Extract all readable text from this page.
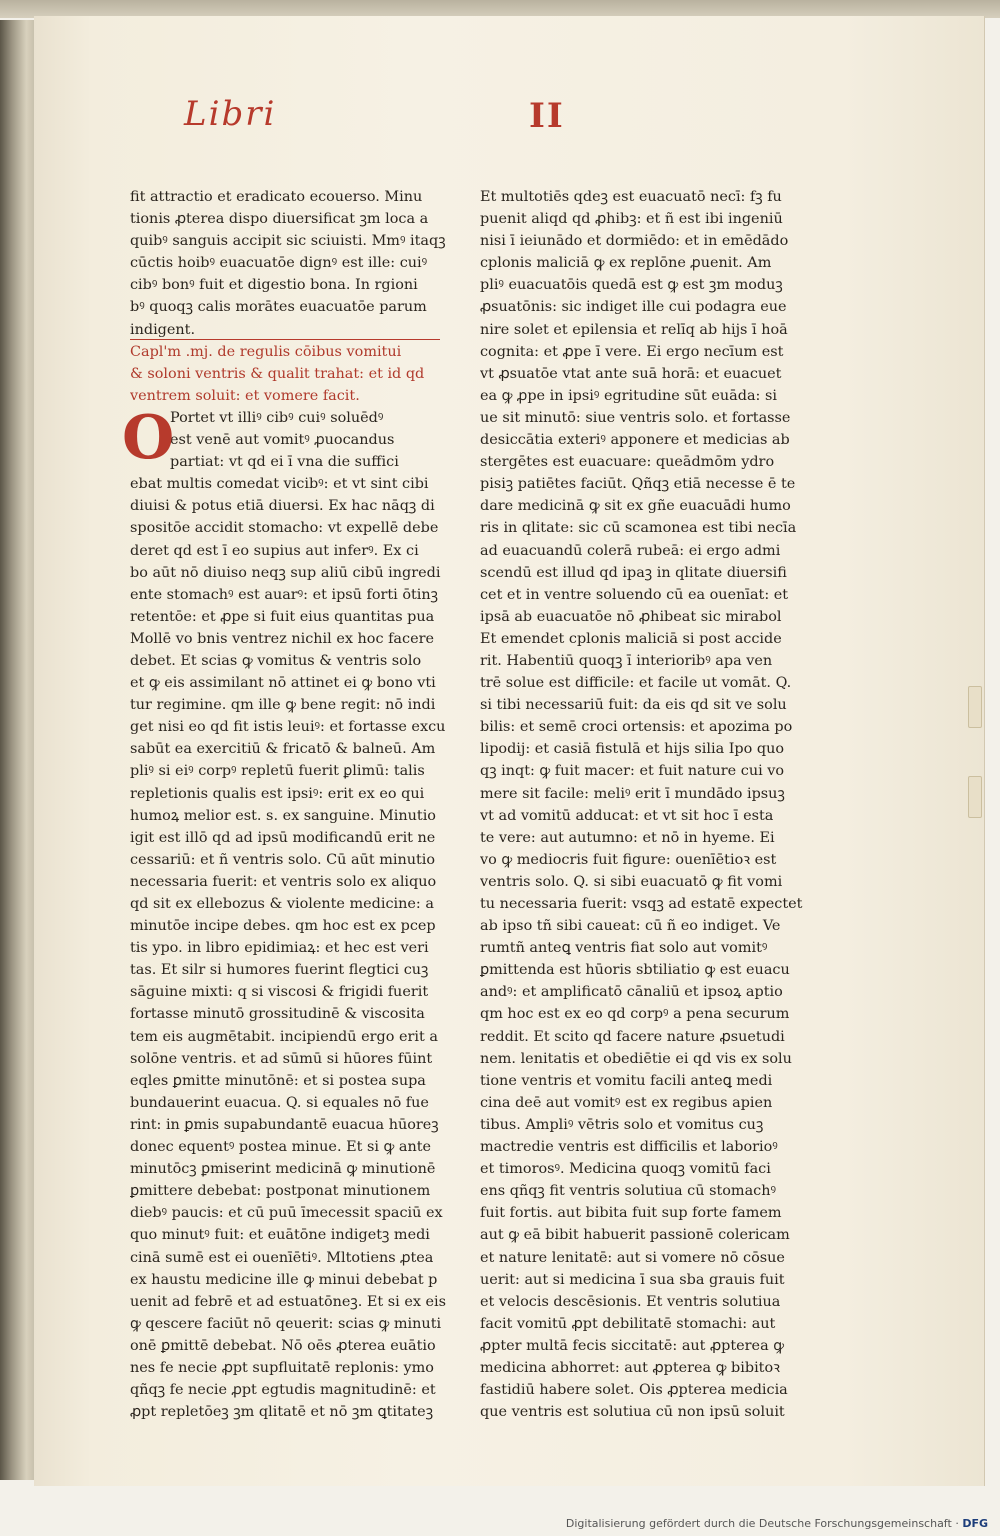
Libri	II
fit attractio et eradicato ecouerso. Minu
tionis ꝓterea dispo diuersificat ꝫm loca a
quibꝰ sanguis accipit sic sciuisti. Mmꝰ itaqꝫ
cūctis hoibꝰ euacuatōe dignꝰ est ille: cuiꝰ
cibꝰ bonꝰ fuit et digestio bona. In rgioni
bꝰ quoqꝫ calis morātes euacuatōe parum
indigent.
Capl'm .mj. de regulis cōibus vomitui
& soloni ventris & qualit trahat: et id qd
ventrem soluit: et vomere facit.
Portet vt illiꝰ cibꝰ cuiꝰ soluēdꝰ
est venē aut vomitꝰ ꝓuocandus
partiat: vt qd ei ī vna die suffici
ebat multis comedat vicibꝰ: et vt sint cibi
diuisi & potus etiā diuersi. Ex hac nāqꝫ di
spositōe accidit stomacho: vt expellē debe
deret qd est ī eo supius aut inferꝰ. Ex ci
bo aūt nō diuiso neqꝫ sup aliū cibū ingredi
ente stomachꝰ est auarꝰ: et ipsū forti ōtinꝫ
retentōe: et ꝓpe si fuit eius quantitas pua
Mollē vo bnis ventrez nichil ex hoc facere
debet. Et scias ꝙ vomitus & ventris solo
et ꝙ eis assimilant nō attinet ei ꝙ bono vti
tur regimine. qm ille ꝙ bene regit: nō indi
get nisi eo qd fit istis leuiꝰ: et fortasse excu
sabūt ea exercitiū & fricatō & balneū. Am
pliꝰ si eiꝰ corpꝰ repletū fuerit ꝑlimū: talis
repletionis qualis est ipsiꝰ: erit ex eo qui
humoꝝ melior est. s. ex sanguine. Minutio
igit est illō qd ad ipsū modificandū erit ne
cessariū: et ñ ventris solo. Cū aūt minutio
necessaria fuerit: et ventris solo ex aliquo
qd sit ex ellebozus & violente medicine: a
minutōe incipe debes. qm hoc est ex pcep
tis ypo. in libro epidimiaꝝ: et hec est veri
tas. Et silr si humores fuerint flegtici cuꝫ
sāguine mixti: q si viscosi & frigidi fuerit
fortasse minutō grossitudinē & viscosita
tem eis augmētabit. incipiendū ergo erit a
solōne ventris. et ad sūmū si hūores fūint
eqles ꝑmitte minutōnē: et si postea supa
bundauerint euacua. Q. si equales nō fue
rint: in ꝑmis supabundantē euacua hūoreꝫ
donec equentꝰ postea minue. Et si ꝙ ante
minutōcꝫ ꝑmiserint medicinā ꝙ minutionē
ꝑmittere debebat: postponat minutionem
diebꝰ paucis: et cū puū īmecessit spaciū ex
quo minutꝰ fuit: et euātōne indigetꝫ medi
cinā sumē est ei ouenīētiꝰ. Mltotiens ꝓtea
ex haustu medicine ille ꝙ minui debebat p
uenit ad febrē et ad estuatōneꝫ. Et si ex eis
ꝙ qescere faciūt nō qeuerit: scias ꝙ minuti
onē ꝑmittē debebat. Nō oēs ꝓterea euātio
nes fe necie ꝓpt supfluitatē replonis: ymo
qñqꝫ fe necie ꝓpt egtudis magnitudinē: et
ꝓpt repletōeꝫ ꝫm qlitatē et nō ꝫm ꝗtitateꝫ
O
Et multotiēs qdeꝫ est euacuatō necī: fꝫ fu
puenit aliqd qd ꝓhibꝫ: et ñ est ibi ingeniū
nisi ī ieiunādo et dormiēdo: et in emēdādo
cplonis maliciā ꝙ ex replōne ꝓuenit. Am
pliꝰ euacuatōis quedā est ꝙ est ꝫm moduꝫ
ꝓsuatōnis: sic indiget ille cui podagra eue
nire solet et epilensia et relīq ab hijs ī hoā
cognita: et ꝓpe ī vere. Ei ergo necīum est
vt ꝓsuatōe vtat ante suā horā: et euacuet
ea ꝙ ꝓpe in ipsiꝰ egritudine sūt euāda: si
ue sit minutō: siue ventris solo. et fortasse
desiccātia exteriꝰ apponere et medicias ab
stergētes est euacuare: queādmōm ydro
pisiꝫ patiētes faciūt. Qñqꝫ etiā necesse ē te
dare medicinā ꝙ sit ex gñe euacuādi humo
ris in qlitate: sic cū scamonea est tibi necīa
ad euacuandū colerā rubeā: ei ergo admi
scendū est illud qd ipaꝫ in qlitate diuersifi
cet et in ventre soluendo cū ea ouenīat: et
ipsā ab euacuatōe nō ꝓhibeat sic mirabol
Et emendet cplonis maliciā si post accide
rit. Habentiū quoqꝫ ī interioribꝰ apa ven
trē solue est difficile: et facile ut vomāt. Q.
si tibi necessariū fuit: da eis qd sit ve solu
bilis: et semē croci ortensis: et apozima po
lipodij: et casiā fistulā et hijs silia Ipo quo
qꝫ inqt: ꝙ fuit macer: et fuit nature cui vo
mere sit facile: meliꝰ erit ī mundādo ipsuꝫ
vt ad vomitū adducat: et vt sit hoc ī esta
te vere: aut autumno: et nō in hyeme. Ei
vo ꝙ mediocris fuit figure: ouenīētioꝛ est
ventris solo. Q. si sibi euacuatō ꝙ fit vomi
tu necessaria fuerit: vsqꝫ ad estatē expectet
ab ipso tñ sibi caueat: cū ñ eo indiget. Ve
rumtñ anteꝗ ventris fiat solo aut vomitꝰ
ꝑmittenda est hūoris sbtiliatio ꝙ est euacu
andꝰ: et amplificatō cānaliū et ipsoꝝ aptio
qm hoc est ex eo qd corpꝰ a pena securum
reddit. Et scito qd facere nature ꝓsuetudi
nem. lenitatis et obediētie ei qd vis ex solu
tione ventris et vomitu facili anteꝗ medi
cina deē aut vomitꝰ est ex regibus apien
tibus. Ampliꝰ vētris solo et vomitus cuꝫ
mactredie ventris est difficilis et laborioꝰ
et timorosꝰ. Medicina quoqꝫ vomitū faci
ens qñqꝫ fit ventris solutiua cū stomachꝰ
fuit fortis. aut bibita fuit sup forte famem
aut ꝙ eā bibit habuerit passionē colericam
et nature lenitatē: aut si vomere nō cōsue
uerit: aut si medicina ī sua sba grauis fuit
et velocis descēsionis. Et ventris solutiua
facit vomitū ꝓpt debilitatē stomachi: aut
ꝓpter multā fecis siccitatē: aut ꝓpterea ꝙ
medicina abhorret: aut ꝓpterea ꝙ bibitoꝛ
fastidiū habere solet. Ois ꝓpterea medicia
que ventris est solutiua cū non ipsū soluit
Digitalisierung gefördert durch die Deutsche Forschungsgemeinschaft · DFG
